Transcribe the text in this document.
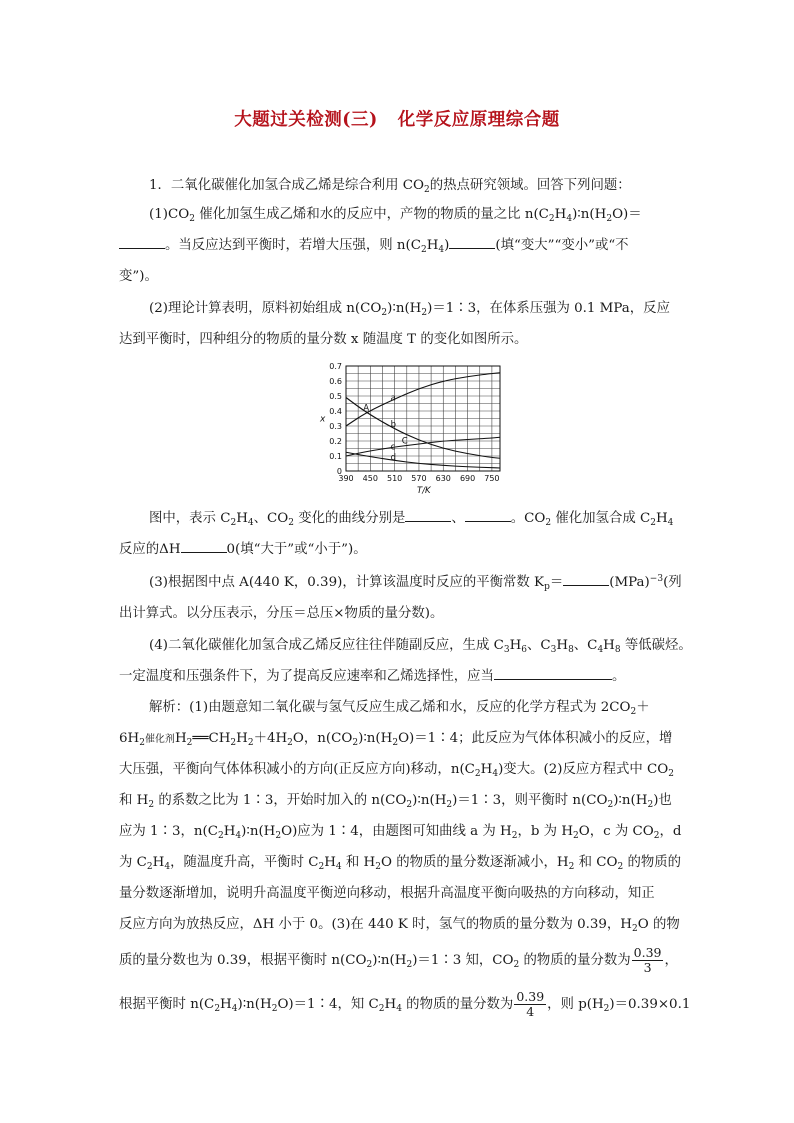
大题过关检测(三) 化学反应原理综合题
1．二氧化碳催化加氢合成乙烯是综合利用 $CO_2$的热点研究领域。回答下列问题：
$(1)CO_2$ 催化加氢生成乙烯和水的反应中，产物的物质的量之比 $n(C_2H_4)∶n(H_2O)=$
。当反应达到平衡时，若增大压强，则 $n(C_2H_4)$	(填“变大”“变小”或“不
变”)。
(2)理论计算表明，原料初始组成 $n(CO_2)∶n(H_2)=1∶3$，在体系压强为 0.1 MPa，反应
达到平衡时，四种组分的物质的量分数 x 随温度 T 的变化如图所示。
0
0.1
0.2
0.3
0.4
0.5
0.6
0.7
390 450 510 570 630 690 750
T/K
x
a
b
c
d
A
C
图中，表示 $C_2H_4$、$CO_2$ 变化的曲线分别是	、	。$CO_2$ 催化加氢合成 $C_2H_4$
反应的ΔH	0(填“大于”或“小于”)。
(3)根据图中点 A(440 K，0.39)，计算该温度时反应的平衡常数 $K_p=$	(MPa)$^{-3}$(列
出计算式。以分压表示，分压＝总压×物质的量分数)。
(4)二氧化碳催化加氢合成乙烯反应往往伴随副反应，生成 $C_3H_6$、$C_3H_8$、$C_4H_8$ 等低碳烃。
一定温度和压强条件下，为了提高反应速率和乙烯选择性，应当	。
解析：(1)由题意知二氧化碳与氢气反应生成乙烯和水，反应的化学方程式为 $2CO_2+$
$6H_2$催化剂$H_2══CH_2H_2+4H_2O$，$n(CO_2)∶n(H_2O)=1∶4$；此反应为气体体积减小的反应，增
大压强，平衡向气体体积减小的方向(正反应方向)移动，$n(C_2H_4)$变大。(2)反应方程式中 $CO_2$
和 $H_2$ 的系数之比为 1∶3，开始时加入的 $n(CO_2)∶n(H_2)=1∶3$，则平衡时 $n(CO_2)∶n(H_2)$也
应为 1∶3，$n(C_2H_4)∶n(H_2O)$应为 1∶4，由题图可知曲线 a 为 $H_2$，b 为 $H_2O$，c 为 $CO_2$，d
为 $C_2H_4$，随温度升高，平衡时 $C_2H_4$ 和 $H_2O$ 的物质的量分数逐渐减小，$H_2$ 和 $CO_2$ 的物质的
量分数逐渐增加，说明升高温度平衡逆向移动，根据升高温度平衡向吸热的方向移动，知正
反应方向为放热反应，ΔH 小于 0。(3)在 440 K 时，氢气的物质的量分数为 0.39，$H_2O$ 的物
质的量分数也为 0.39，根据平衡时 $n(CO_2)∶n(H_2)=1∶3$ 知，$CO_2$ 的物质的量分数为 $\frac{0.39}{3}$ ，
根据平衡时 $n(C_2H_4)∶n(H_2O)=1∶4$，知 $C_2H_4$ 的物质的量分数为 $\frac{0.39}{4}$ ，则 $p(H_2)=0.39\times 0.1$
